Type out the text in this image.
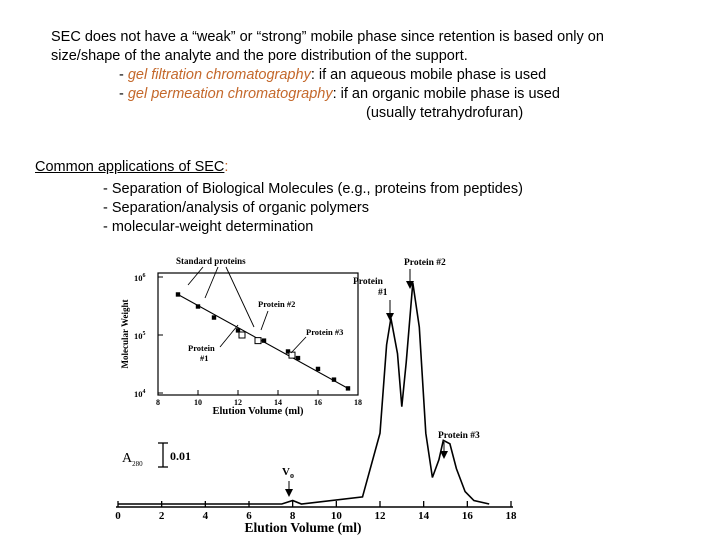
SEC does not have a “weak” or “strong” mobile phase since retention is based only on
size/shape of the analyte and the pore distribution of the support.
- gel filtration chromatography: if an aqueous mobile phase is used
- gel permeation chromatography: if an organic mobile phase is used
(usually tetrahydrofuran)
Common applications of SEC:
- Separation of Biological Molecules (e.g., proteins from peptides)
- Separation/analysis of organic polymers
- molecular-weight determination
0	2	4	6	8	10	12	14	16	18
Elution Volume (ml)
Protein
#1
Protein #2
Protein #3
$V_o$
$A_{280}$
0.01
$10^6$
$10^5$
$10^4$
8	10	12	14	16	18
Molecular Weight
Elution Volume (ml)
Standard proteins
Protein #2
Protein #3
Protein
#1
